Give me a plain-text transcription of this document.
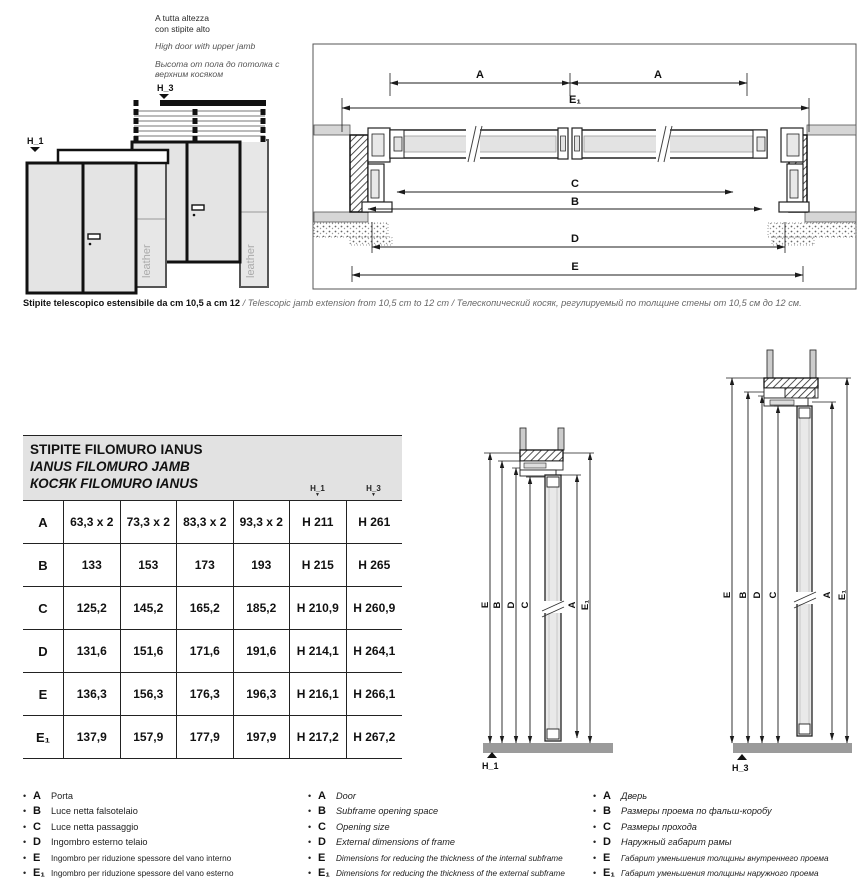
A tutta altezza
con stipite alto
High door with upper jamb
Высота от пола до потолка с
верхним косяком
H_3
leather
leather
H_1
A	A
E₁
C
B
D
E
Stipite telescopico estensibile da cm 10,5 a cm 12 / Telescopic jamb extension from 10,5 cm to 12 cm / Телескопический косяк, регулируемый по толщине стены от 10,5 см до 12 см.
STIPITE FILOMURO IANUS
IANUS FILOMURO JAMB
КОСЯК FILOMURO IANUS	H_1
▼
H_3
▼
A	63,3 x 2	73,3 x 2	83,3 x 2	93,3 x 2	H 211	H 261
B	133	153	173	193	H 215	H 265
C	125,2	145,2	165,2	185,2	H 210,9	H 260,9
D	131,6	151,6	171,6	191,6	H 214,1	H 264,1
E	136,3	156,3	176,3	196,3	H 216,1	H 266,1
E₁	137,9	157,9	177,9	197,9	H 217,2	H 267,2
E B D C	A E₁
H_1
E B D C	A E₁
H_3
• A	Porta
• B	Luce netta falsotelaio
• C	Luce netta passaggio
• D	Ingombro esterno telaio
• E	Ingombro per riduzione spessore del vano interno
• E₁ Ingombro per riduzione spessore del vano esterno
• A	Door
• B	Subframe opening space
• C	Opening size
• D	External dimensions of frame
• E	Dimensions for reducing the thickness of the internal subframe
• E₁ Dimensions for reducing the thickness of the external subframe
• A	Дверь
• B	Размеры проема по фальш-коробу
• C	Размеры прохода
• D	Наружный габарит рамы
• E	Габарит уменьшения толщины внутреннего проема
• E₁ Габарит уменьшения толщины наружного проема
